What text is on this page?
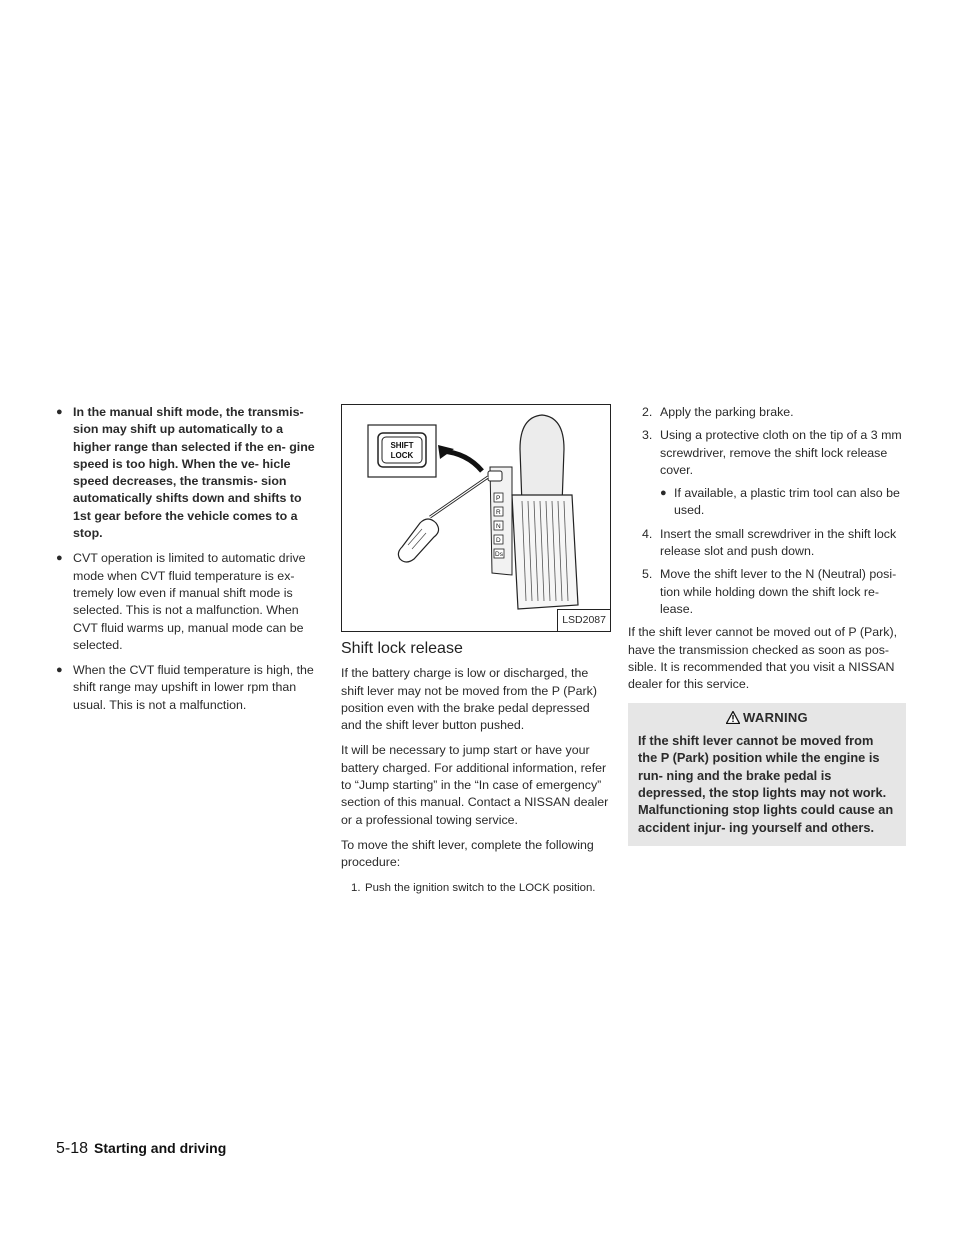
● In the manual shift mode, the transmis- sion may shift up automatically to a higher range than selected if the en- gine speed is too high. When the ve- hicle speed decreases, the transmis- sion automatically shifts down and shifts to 1st gear before the vehicle comes to a stop.
● CVT operation is limited to automatic drive mode when CVT fluid temperature is ex- tremely low even if manual shift mode is selected. This is not a malfunction. When CVT fluid warms up, manual mode can be selected.
● When the CVT fluid temperature is high, the shift range may upshift in lower rpm than usual. This is not a malfunction.
SHIFT
LOCK
P
R
N
D
Ds
LSD2087
Shift lock release

If the battery charge is low or discharged, the shift lever may not be moved from the P (Park) position even with the brake pedal depressed and the shift lever button pushed.

It will be necessary to jump start or have your battery charged. For additional information, refer to “Jump starting” in the “In case of emergency” section of this manual. Contact a NISSAN dealer or a professional towing service.

To move the shift lever, complete the following procedure:

1. Push the ignition switch to the LOCK position.
2. Apply the parking brake.
3. Using a protective cloth on the tip of a 3 mm screwdriver, remove the shift lock release cover.
● If available, a plastic trim tool can also be used.
4. Insert the small screwdriver in the shift lock release slot and push down.
5. Move the shift lever to the N (Neutral) posi- tion while holding down the shift lock re- lease.

If the shift lever cannot be moved out of P (Park), have the transmission checked as soon as pos- sible. It is recommended that you visit a NISSAN dealer for this service.

WARNING
If the shift lever cannot be moved from the P (Park) position while the engine is run- ning and the brake pedal is depressed, the stop lights may not work. Malfunctioning stop lights could cause an accident injur- ing yourself and others.
5-18 Starting and driving
